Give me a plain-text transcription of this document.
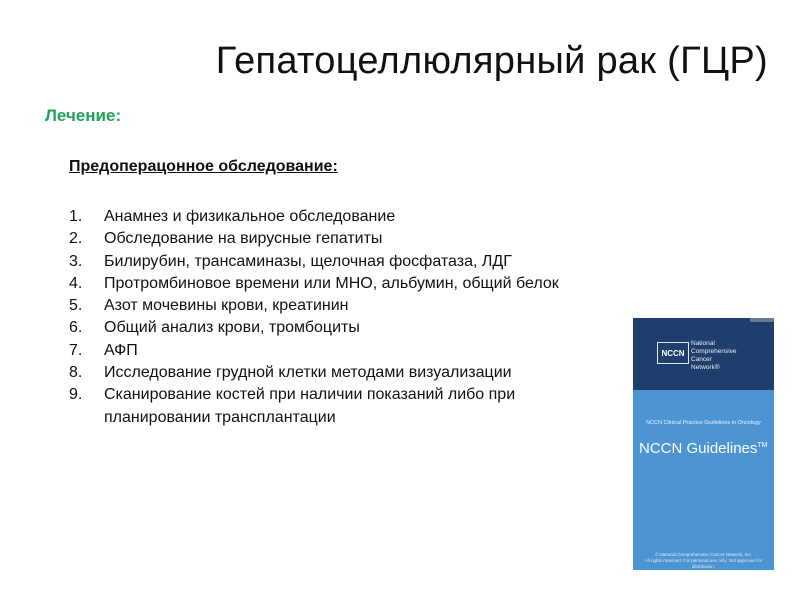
Гепатоцеллюлярный рак (ГЦР)
Лечение:
Предоперацонное обследование:
1.	Анамнез и физикальное обследование
2.	Обследование на вирусные гепатиты
3.	Билирубин, трансаминазы, щелочная фосфатаза, ЛДГ
4.	Протромбиновое времени или МНО, альбумин, общий белок
5.	Азот мочевины крови, креатинин
6.	Общий анализ крови, тромбоциты
7.	АФП
8.	Исследование грудной клетки методами визуализации
9.	Сканирование костей при наличии показаний либо при планировании трансплантации
NCCN
National
Comprehensive
Cancer
Network®
NCCN Clinical Practice Guidelines in Oncology
NCCN Guidelines™
© National Comprehensive Cancer Network, Inc.
All rights reserved. For personal use only. Not approved for distribution.
